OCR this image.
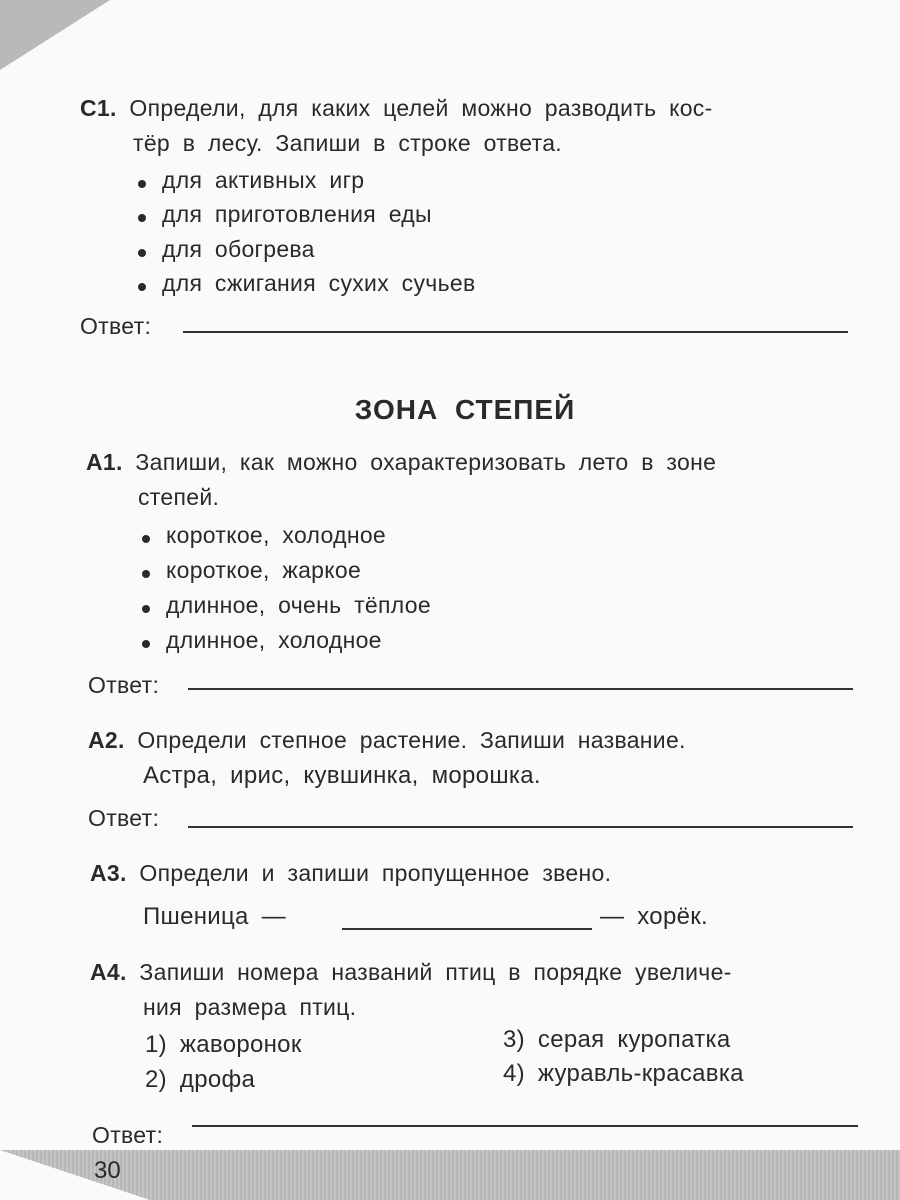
С1. Определи, для каких целей можно разводить кос-
тёр в лесу. Запиши в строке ответа.
для активных игр
для приготовления еды
для обогрева
для сжигания сухих сучьев
Ответ:
ЗОНА СТЕПЕЙ
А1. Запиши, как можно охарактеризовать лето в зоне
степей.
короткое, холодное
короткое, жаркое
длинное, очень тёплое
длинное, холодное
Ответ:
А2. Определи степное растение. Запиши название.
Астра, ирис, кувшинка, морошка.
Ответ:
А3. Определи и запиши пропущенное звено.
Пшеница —	— хорёк.
А4. Запиши номера названий птиц в порядке увеличе-
ния размера птиц.
1) жаворонок
2) дрофа
3) серая куропатка
4) журавль-красавка
Ответ:
30
